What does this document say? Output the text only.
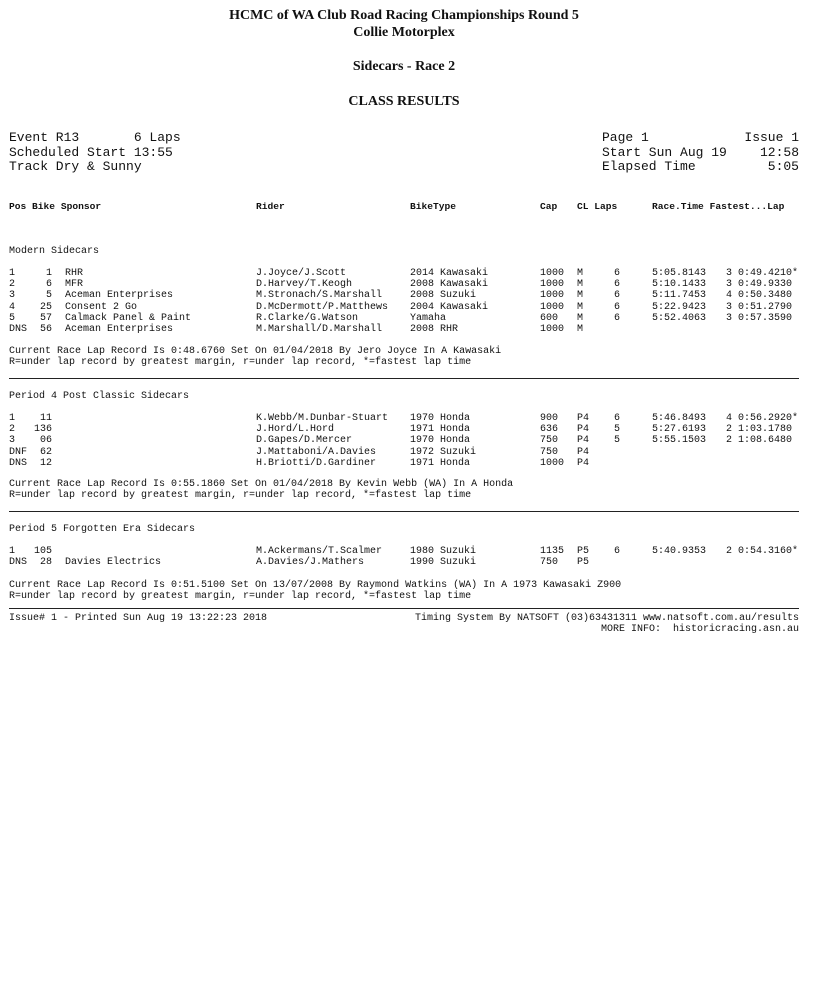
HCMC of WA Club Road Racing Championships Round 5
Collie Motorplex
Sidecars - Race 2
CLASS RESULTS
Event R13       6 Laps
Scheduled Start 13:55
Track Dry & Sunny
Page 1	Issue 1
Start Sun Aug 19	12:58
Elapsed Time	5:05
Pos Bike Sponsor	Rider	BikeType	Cap CL Laps	Race.Time Fastest...Lap
Modern Sidecars
1	1 RHR	J.Joyce/J.Scott	2014 Kawasaki	1000 M	6	5:05.8143 3 0:49.4210*
2	6 MFR	D.Harvey/T.Keogh	2008 Kawasaki	1000 M	6	5:10.1433 3 0:49.9330
3	5 Aceman Enterprises	M.Stronach/S.Marshall	2008 Suzuki	1000 M	6	5:11.7453 4 0:50.3480
4 25 Consent 2 Go	D.McDermott/P.Matthews 2004 Kawasaki	1000 M	6	5:22.9423 3 0:51.2790
5 57 Calmack Panel & Paint	R.Clarke/G.Watson	Yamaha	600 M	6	5:52.4063 3 0:57.3590
DNS 56 Aceman Enterprises	M.Marshall/D.Marshall	2008 RHR	1000 M
Current Race Lap Record Is 0:48.6760 Set On 01/04/2018 By Jero Joyce In A Kawasaki
R=under lap record by greatest margin, r=under lap record, *=fastest lap time
Period 4 Post Classic Sidecars
1 11	K.Webb/M.Dunbar-Stuart 1970 Honda	900 P4 6	5:46.8493 4 0:56.2920*
2 136	J.Hord/L.Hord	1971 Honda	636 P4 5	5:27.6193 2 1:03.1780
3 06	D.Gapes/D.Mercer	1970 Honda	750 P4 5	5:55.1503 2 1:08.6480
DNF 62	J.Mattaboni/A.Davies	1972 Suzuki	750 P4
DNS 12	H.Briotti/D.Gardiner	1971 Honda	1000 P4
Current Race Lap Record Is 0:55.1860 Set On 01/04/2018 By Kevin Webb (WA) In A Honda
R=under lap record by greatest margin, r=under lap record, *=fastest lap time
Period 5 Forgotten Era Sidecars
1 105	M.Ackermans/T.Scalmer	1980 Suzuki	1135 P5 6	5:40.9353 2 0:54.3160*
DNS 28 Davies Electrics	A.Davies/J.Mathers	1990 Suzuki	750 P5
Current Race Lap Record Is 0:51.5100 Set On 13/07/2008 By Raymond Watkins (WA) In A 1973 Kawasaki Z900
R=under lap record by greatest margin, r=under lap record, *=fastest lap time
Issue# 1 - Printed Sun Aug 19 13:22:23 2018	Timing System By NATSOFT (03)63431311 www.natsoft.com.au/results
MORE INFO:  historicracing.asn.au
